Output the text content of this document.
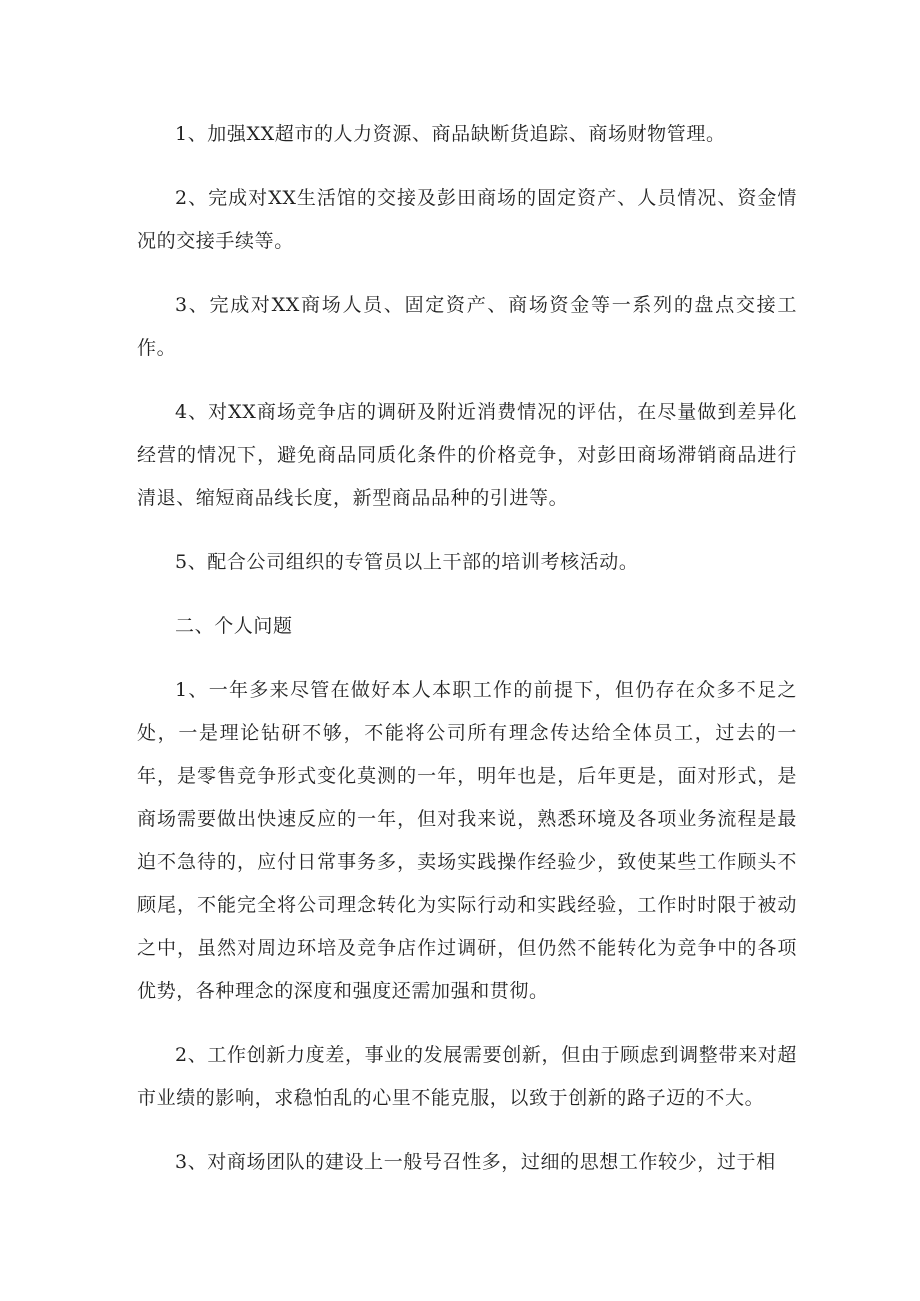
1、加强XX超市的人力资源、商品缺断货追踪、商场财物管理。

2、完成对XX生活馆的交接及彭田商场的固定资产、人员情况、资金情况的交接手续等。

3、完成对XX商场人员、固定资产、商场资金等一系列的盘点交接工作。

4、对XX商场竞争店的调研及附近消费情况的评估，在尽量做到差异化经营的情况下，避免商品同质化条件的价格竞争，对彭田商场滞销商品进行清退、缩短商品线长度，新型商品品种的引进等。

5、配合公司组织的专管员以上干部的培训考核活动。

二、个人问题

1、一年多来尽管在做好本人本职工作的前提下，但仍存在众多不足之处，一是理论钻研不够，不能将公司所有理念传达给全体员工，过去的一年，是零售竞争形式变化莫测的一年，明年也是，后年更是，面对形式，是商场需要做出快速反应的一年，但对我来说，熟悉环境及各项业务流程是最迫不急待的，应付日常事务多，卖场实践操作经验少，致使某些工作顾头不顾尾，不能完全将公司理念转化为实际行动和实践经验，工作时时限于被动之中，虽然对周边环培及竞争店作过调研，但仍然不能转化为竞争中的各项优势，各种理念的深度和强度还需加强和贯彻。

2、工作创新力度差，事业的发展需要创新，但由于顾虑到调整带来对超市业绩的影响，求稳怕乱的心里不能克服，以致于创新的路子迈的不大。

3、对商场团队的建设上一般号召性多，过细的思想工作较少，过于相
